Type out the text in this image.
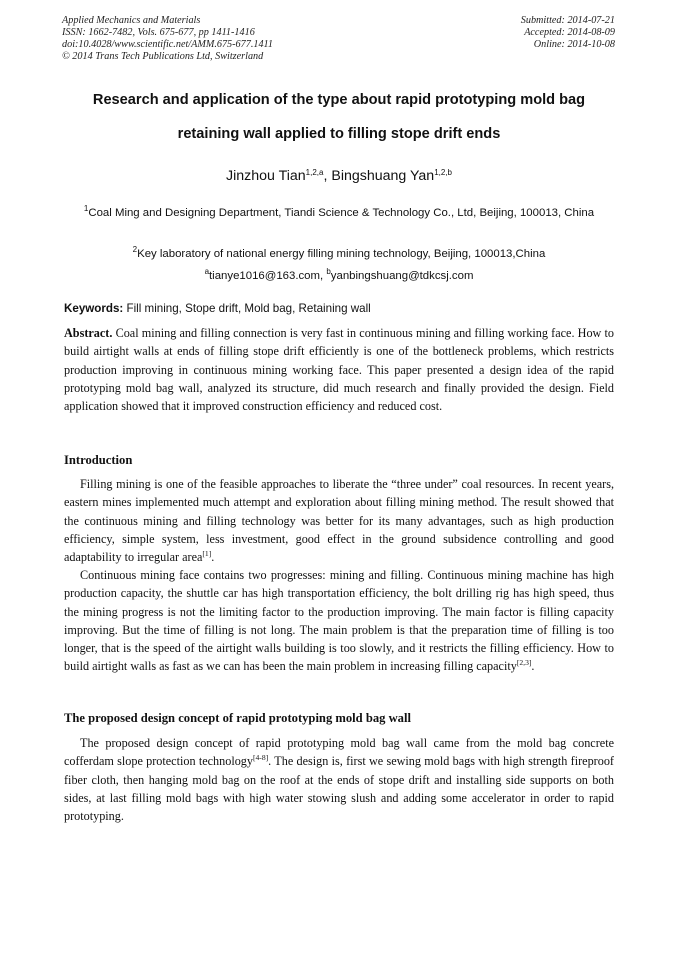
Applied Mechanics and Materials
ISSN: 1662-7482, Vols. 675-677, pp 1411-1416
doi:10.4028/www.scientific.net/AMM.675-677.1411
© 2014 Trans Tech Publications Ltd, Switzerland
Submitted: 2014-07-21
Accepted: 2014-08-09
Online: 2014-10-08
Research and application of the type about rapid prototyping mold bag
retaining wall applied to filling stope drift ends
Jinzhou Tian$^{1,2,a}$, Bingshuang Yan$^{1,2,b}$
$^1$Coal Ming and Designing Department, Tiandi Science & Technology Co., Ltd, Beijing, 100013, China
$^2$Key laboratory of national energy filling mining technology, Beijing, 100013,China
$^a$tianye1016@163.com, $^b$yanbingshuang@tdkcsj.com
Keywords: Fill mining, Stope drift, Mold bag, Retaining wall
Abstract. Coal mining and filling connection is very fast in continuous mining and filling working face. How to build airtight walls at ends of filling stope drift efficiently is one of the bottleneck problems, which restricts production improving in continuous mining working face. This paper presented a design idea of the rapid prototyping mold bag wall, analyzed its structure, did much research and finally provided the design. Field application showed that it improved construction efficiency and reduced cost.
Introduction
Filling mining is one of the feasible approaches to liberate the “three under” coal resources. In recent years, eastern mines implemented much attempt and exploration about filling mining method. The result showed that the continuous mining and filling technology was better for its many advantages, such as high production efficiency, simple system, less investment, good effect in the ground subsidence controlling and good adaptability to irregular area[1].
Continuous mining face contains two progresses: mining and filling. Continuous mining machine has high production capacity, the shuttle car has high transportation efficiency, the bolt drilling rig has high speed, thus the mining progress is not the limiting factor to the production improving. The main factor is filling capacity improving. But the time of filling is not long. The main problem is that the preparation time of filling is too longer, that is the speed of the airtight walls building is too slowly, and it restricts the filling efficiency. How to build airtight walls as fast as we can has been the main problem in increasing filling capacity[2,3].
The proposed design concept of rapid prototyping mold bag wall
The proposed design concept of rapid prototyping mold bag wall came from the mold bag concrete cofferdam slope protection technology[4-8]. The design is, first we sewing mold bags with high strength fireproof fiber cloth, then hanging mold bag on the roof at the ends of stope drift and installing side supports on both sides, at last filling mold bags with high water stowing slush and adding some accelerator in order to rapid prototyping.
